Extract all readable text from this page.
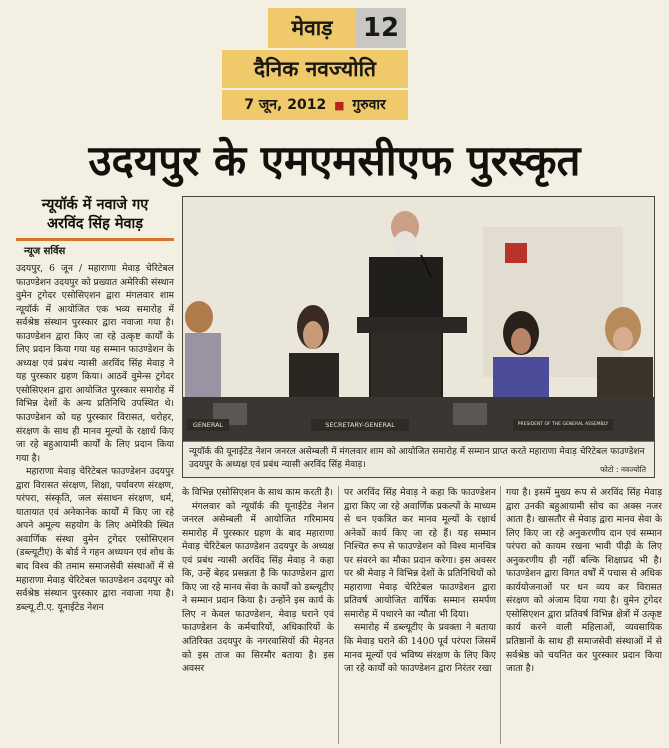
मेवाड़	12
दैनिक नवज्योति
7 जून, 2012 ■ गुरुवार
उदयपुर के एमएमसीएफ पुरस्कृत
न्यूयॉर्क में नवाजे गए
अरविंद सिंह मेवाड़
न्यूज सर्विस

उदयपुर, 6 जून / महाराणा मेवाड़ चेरिटेबल फाउण्डेशन उदयपुर को प्रख्यात अमेरिकी संस्थान वुमेन ट्रगेदर एसोसिएशन द्वारा मंगलवार शाम न्यूयॉर्क में आयोजित एक भव्य समारोह में सर्वश्रेष्ठ संस्थान पुरस्कार द्वारा नवाजा गया है। फाउण्डेशन द्वारा किए जा रहे उत्कृष्ट कार्यों के लिए प्रदान किया गया यह सम्मान फाउण्डेशन के अध्यक्ष एवं प्रबंध न्यासी अरविंद सिंह मेवाड़ ने यह पुरस्कार ग्रहण किया। आठवें वुमेन्स ट्रगेदर एसोसिएशन द्वारा आयोजित पुरस्कार समारोह में विभिन्न देशों के अन्य प्रतिनिधि उपस्थित थे। फाउण्डेशन को यह पुरस्कार विरासत, धरोहर, संरक्षण के साथ ही मानव मूल्यों के रक्षार्थ किए जा रहे बहुआयामी कार्यों के लिए प्रदान किया गया है।

महाराणा मेवाड़ चेरिटेबल फाउण्डेशन उदयपुर द्वारा विरासत संरक्षण, शिक्षा, पर्यावरण संरक्षण, परंपरा, संस्कृति, जल संसाधन संरक्षण, धर्म, यातायात एवं अनेकानेक कार्यों में किए जा रहे अपने अमूल्य सहयोग के लिए अमेरिकी स्थित अवार्णिक संस्था वुमेन ट्रगेदर एसोसिएशन (डब्ल्यूटीए) के बोर्ड ने गहन अध्ययन एवं शोध के बाद विश्व की तमाम समाजसेवी संस्थाओं में से महाराणा मेवाड़ चेरिटेबल फाउण्डेशन उदयपुर को सर्वश्रेष्ठ संस्थान पुरस्कार द्वारा नवाजा गया है। डब्ल्यू.टी.ए. यूनाईटेड नेशन

GENERAL	SECRETARY-GENERAL	PRESIDENT OF THE GENERAL ASSEMBLY
न्यूयॉर्क की यूनाईटेड नेशन जनरल असेम्बली में मंगलवार शाम को आयोजित समारोह में सम्मान प्राप्त करते महाराणा मेवाड़ चेरिटेबल फाउण्डेशन उदयपुर के अध्यक्ष एवं प्रबंध न्यासी अरविंद सिंह मेवाड़।	फोटो : नवज्योति

के विभिन्न एसोसिएशन के साथ काम करती है।

मंगलवार को न्यूयॉर्क की यूनाईटेड नेशन जनरल असेम्बली में आयोजित गरिमामय समारोह में पुरस्कार ग्रहण के बाद महाराणा मेवाड़ चेरिटेबल फाउण्डेशन उदयपुर के अध्यक्ष एवं प्रबंध न्यासी अरविंद सिंह मेवाड़ ने कहा कि, उन्हें बेहद प्रसन्नता है कि फाउण्डेशन द्वारा किए जा रहे मानव सेवा के कार्यों को डब्ल्यूटीए ने सम्मान प्रदान किया है। उन्होंने इस कार्य के लिए न केवल फाउण्डेशन, मेवाड़ घराने एवं फाउण्डेशन के कर्मचारियों, अधिकारियों के अतिरिक्त उदयपुर के नगरवासियों की मेहनत को इस ताज का सिरमौर बताया है। इस अवसर

पर अरविंद सिंह मेवाड़ ने कहा कि फाउण्डेशन द्वारा किए जा रहे अवार्णिक प्रकल्पों के माध्यम से धन एकत्रित कर मानव मूल्यों के रक्षार्थ अनेकों कार्य किए जा रहे हैं। यह सम्मान निश्चित रूप से फाउण्डेशन को विश्व मानचित्र पर संवरने का मौका प्रदान करेगा। इस अवसर पर श्री मेवाड़ ने विभिन्न देशों के प्रतिनिधियों को महाराणा मेवाड़ चेरिटेबल फाउण्डेशन द्वारा प्रतिवर्ष आयोजित वार्षिक सम्मान समर्पण समारोह में पधारने का न्यौता भी दिया।

समारोह में डब्ल्यूटीए के प्रवक्ता ने बताया कि मेवाड़ घराने की 1400 पूर्व परंपरा जिसमें मानव मूल्यों एवं भविष्य संरक्षण के लिए किए जा रहे कार्यों को फाउण्डेशन द्वारा निरंतर रखा

गया है। इसमें मुख्य रूप से अरविंद सिंह मेवाड़ द्वारा उनकी बहुआयामी सोच का अक्स नजर आता है। खासतौर से मेवाड़ द्वारा मानव सेवा के लिए किए जा रहे अनुकरणीय दान एवं सम्मान परंपरा को कायम रखना भावी पीढ़ी के लिए अनुकरणीय ही नहीं बल्कि शिक्षाप्रद भी है। फाउण्डेशन द्वारा विगत वर्षों में पचास से अधिक कार्ययोजनाओं पर धन व्यय कर विरासत संरक्षण को अंजाम दिया गया है। वुमेन ट्रगेदर एसोसिएशन द्वारा प्रतिवर्ष विभिन्न क्षेत्रों में उत्कृष्ट कार्य करने वाली महिलाओं, व्यवसायिक प्रतिष्ठानों के साथ ही समाजसेवी संस्थाओं में से सर्वश्रेष्ठ को चयनित कर पुरस्कार प्रदान किया जाता है।
